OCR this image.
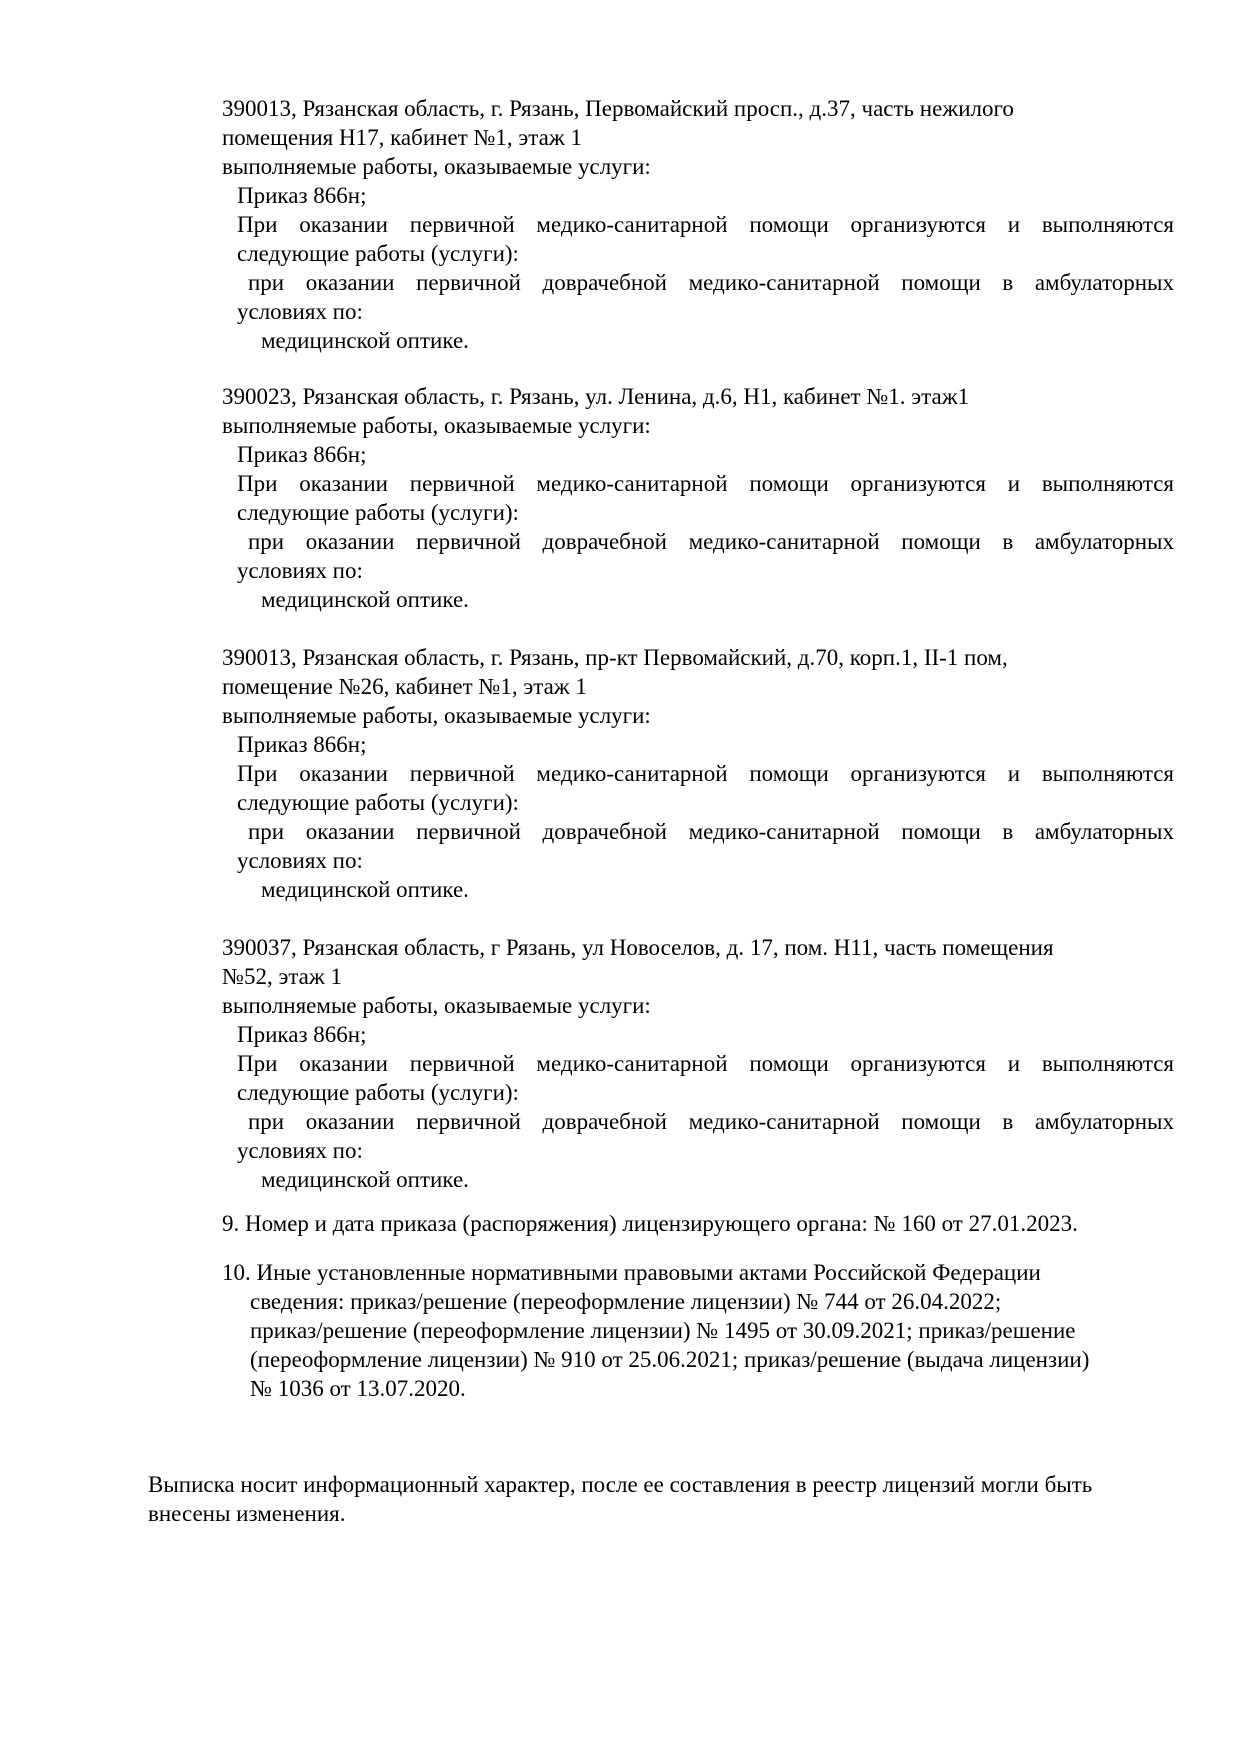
390013, Рязанская область, г. Рязань, Первомайский просп., д.37, часть нежилого
помещения Н17, кабинет №1, этаж 1
выполняемые работы, оказываемые услуги:
Приказ 866н;
При оказании первичной медико-санитарной помощи организуются и выполняются
следующие работы (услуги):
при оказании первичной доврачебной медико-санитарной помощи в амбулаторных
условиях по:
медицинской оптике.
390023, Рязанская область, г. Рязань, ул. Ленина, д.6, Н1, кабинет №1. этаж1
выполняемые работы, оказываемые услуги:
Приказ 866н;
При оказании первичной медико-санитарной помощи организуются и выполняются
следующие работы (услуги):
при оказании первичной доврачебной медико-санитарной помощи в амбулаторных
условиях по:
медицинской оптике.
390013, Рязанская область, г. Рязань, пр-кт Первомайский, д.70, корп.1, II-1 пом,
помещение №26, кабинет №1, этаж 1
выполняемые работы, оказываемые услуги:
Приказ 866н;
При оказании первичной медико-санитарной помощи организуются и выполняются
следующие работы (услуги):
при оказании первичной доврачебной медико-санитарной помощи в амбулаторных
условиях по:
медицинской оптике.
390037, Рязанская область, г Рязань, ул Новоселов, д. 17, пом. Н11, часть помещения
№52, этаж 1
выполняемые работы, оказываемые услуги:
Приказ 866н;
При оказании первичной медико-санитарной помощи организуются и выполняются
следующие работы (услуги):
при оказании первичной доврачебной медико-санитарной помощи в амбулаторных
условиях по:
медицинской оптике.
9. Номер и дата приказа (распоряжения) лицензирующего органа: № 160 от 27.01.2023.
10. Иные установленные нормативными правовыми актами Российской Федерации
сведения: приказ/решение (переоформление лицензии) № 744 от 26.04.2022;
приказ/решение (переоформление лицензии) № 1495 от 30.09.2021; приказ/решение
(переоформление лицензии) № 910 от 25.06.2021; приказ/решение (выдача лицензии)
№ 1036 от 13.07.2020.
Выписка носит информационный характер, после ее составления в реестр лицензий могли быть
внесены изменения.
